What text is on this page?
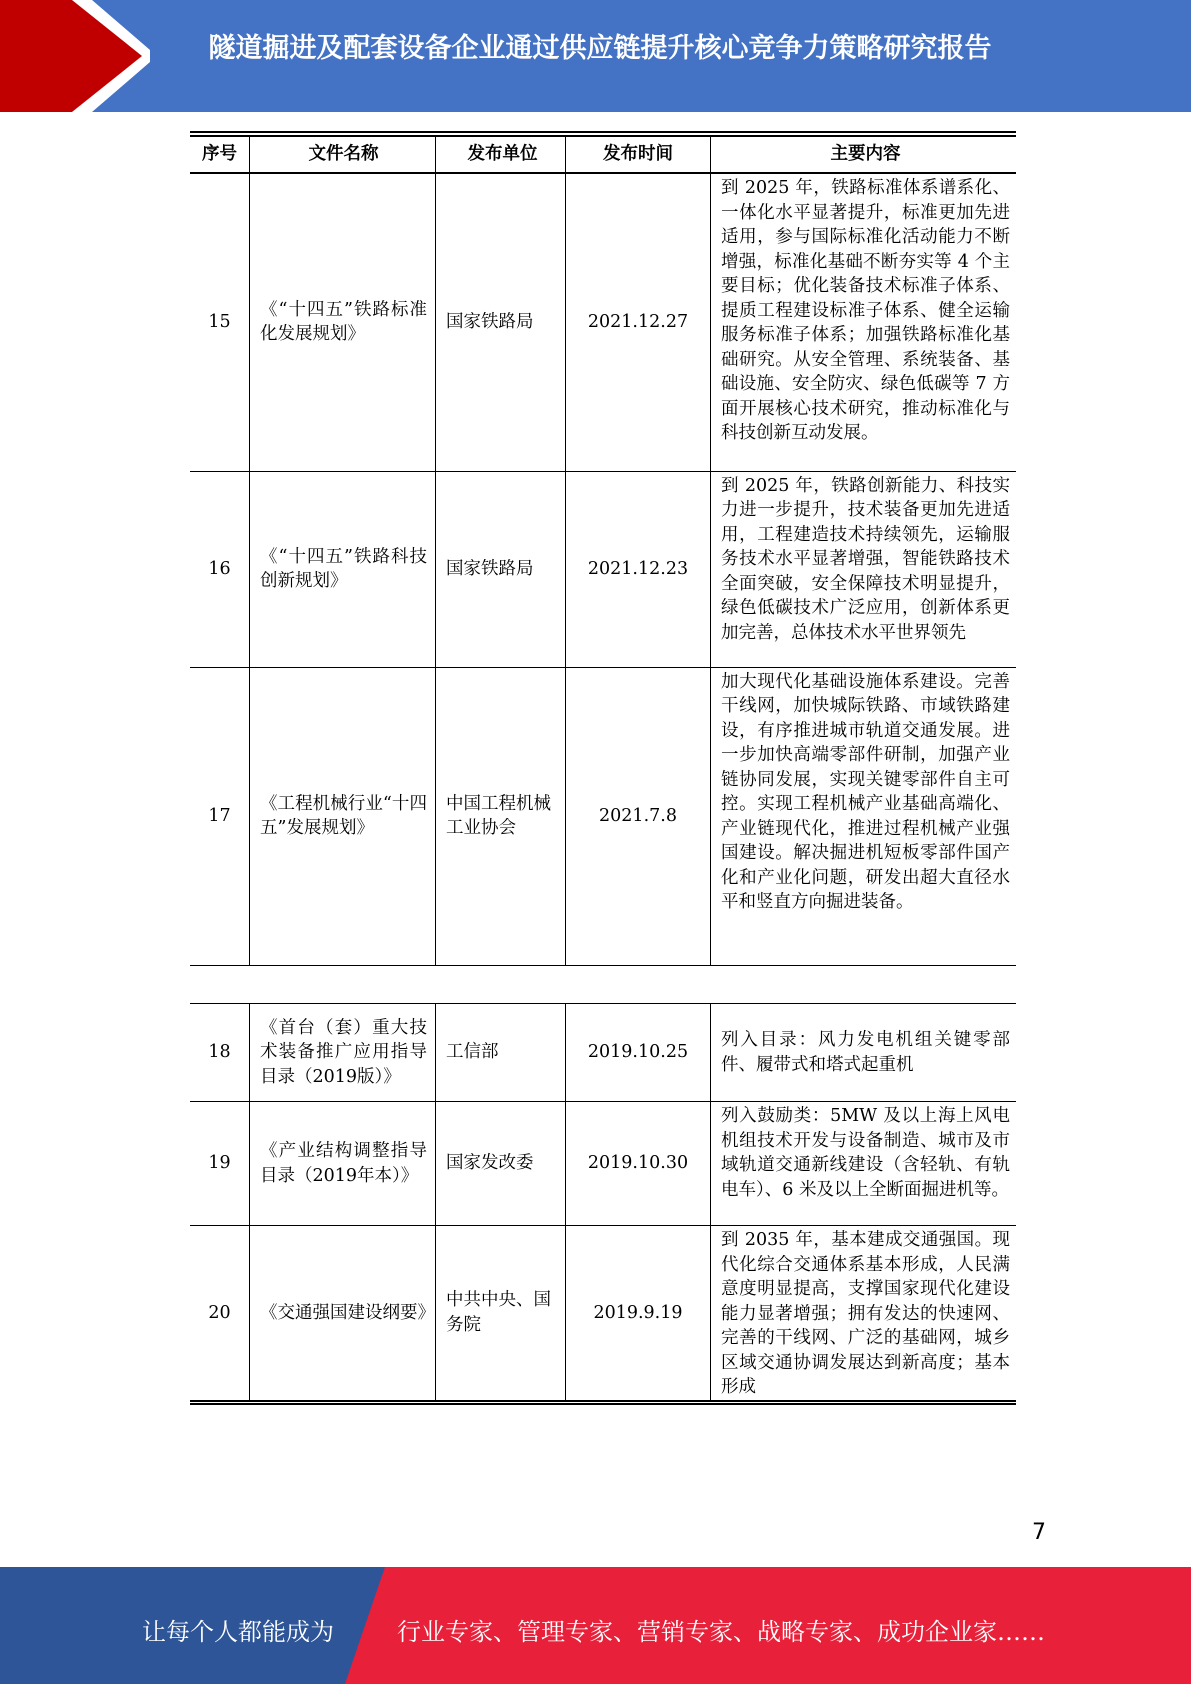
隧道掘进及配套设备企业通过供应链提升核心竞争力策略研究报告
序号	文件名称	发布单位	发布时间	主要内容
15	《“十四五”铁路标准化发展规划》	国家铁路局	2021.12.27	到 2025 年，铁路标准体系谱系化、一体化水平显著提升，标准更加先进适用，参与国际标准化活动能力不断增强，标准化基础不断夯实等 4 个主要目标；优化装备技术标准子体系、提质工程建设标准子体系、健全运输服务标准子体系；加强铁路标准化基础研究。从安全管理、系统装备、基础设施、安全防灾、绿色低碳等 7 方面开展核心技术研究，推动标准化与科技创新互动发展。
16	《“十四五”铁路科技创新规划》	国家铁路局	2021.12.23	到 2025 年，铁路创新能力、科技实力进一步提升，技术装备更加先进适用，工程建造技术持续领先，运输服务技术水平显著增强，智能铁路技术全面突破，安全保障技术明显提升，绿色低碳技术广泛应用，创新体系更加完善，总体技术水平世界领先
17	《工程机械行业“十四五”发展规划》	中国工程机械工业协会	2021.7.8	加大现代化基础设施体系建设。完善干线网，加快城际铁路、市域铁路建设，有序推进城市轨道交通发展。进一步加快高端零部件研制，加强产业链协同发展，实现关键零部件自主可控。实现工程机械产业基础高端化、产业链现代化，推进过程机械产业强国建设。解决掘进机短板零部件国产化和产业化问题，研发出超大直径水平和竖直方向掘进装备。
18	《首台（套）重大技术装备推广应用指导目录（2019版）》	工信部	2019.10.25	列入目录：风力发电机组关键零部件、履带式和塔式起重机
19	《产业结构调整指导目录（2019年本）》	国家发改委	2019.10.30	列入鼓励类：5MW 及以上海上风电机组技术开发与设备制造、城市及市域轨道交通新线建设（含轻轨、有轨电车）、6 米及以上全断面掘进机等。
20	《交通强国建设纲要》	中共中央、国务院	2019.9.19	到 2035 年，基本建成交通强国。现代化综合交通体系基本形成，人民满意度明显提高，支撑国家现代化建设能力显著增强；拥有发达的快速网、完善的干线网、广泛的基础网，城乡区域交通协调发展达到新高度；基本形成
7
让每个人都能成为	行业专家、管理专家、营销专家、战略专家、成功企业家……
